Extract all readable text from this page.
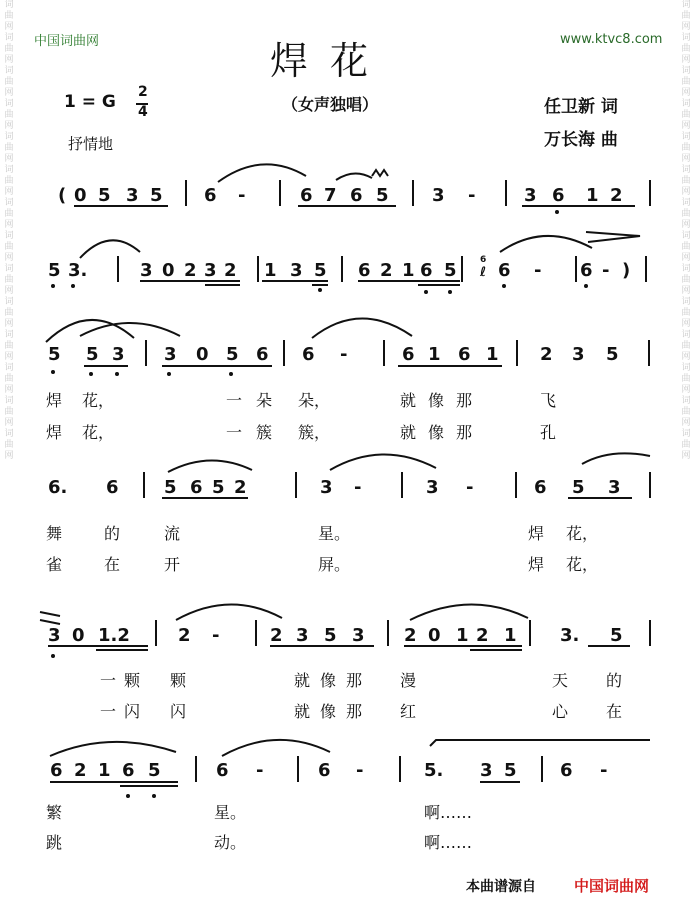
词曲网词曲网词曲网词曲网词曲网词曲网词曲网词曲网词曲网词曲网词曲网词曲网词曲网词曲网
词曲网词曲网词曲网词曲网词曲网词曲网词曲网词曲网词曲网词曲网词曲网词曲网词曲网词曲网
中国词曲网	www.ktvc8.com
焊花
1 = G 2
4	（女声独唱）	任卫新 词
万长海 曲
抒情地
( 0 5 3 5 6 -	6 7 6 5 3 -	3 6 1 2
5 3.	3 0 2 3 2 1 3 5 6 2 1 6 5	6
ℓ 6 - 6 - )
5 5 3 3 0 5 6 6 -	6 1 6 1 2 3 5
6. 6	5 6 5 2	3 -	3 -	6 5 3
3 0 1.2	2 -	2 3 5 3 2 0 1 2 1 3. 5
6 2 1 6 5	6 -	6 -	5. 3 5 6 -
焊 花，	一 朵 朵，	就 像 那	飞
焊 花，	一 簇 簇，	就 像 那	孔
舞	的	流	星。	焊 花，
雀	在	开	屏。	焊 花，
一 颗 颗	就 像 那 漫	天 的
一 闪 闪	就 像 那 红	心 在
繁	星。	啊……
跳	动。	啊……
本曲谱源自	中国词曲网
